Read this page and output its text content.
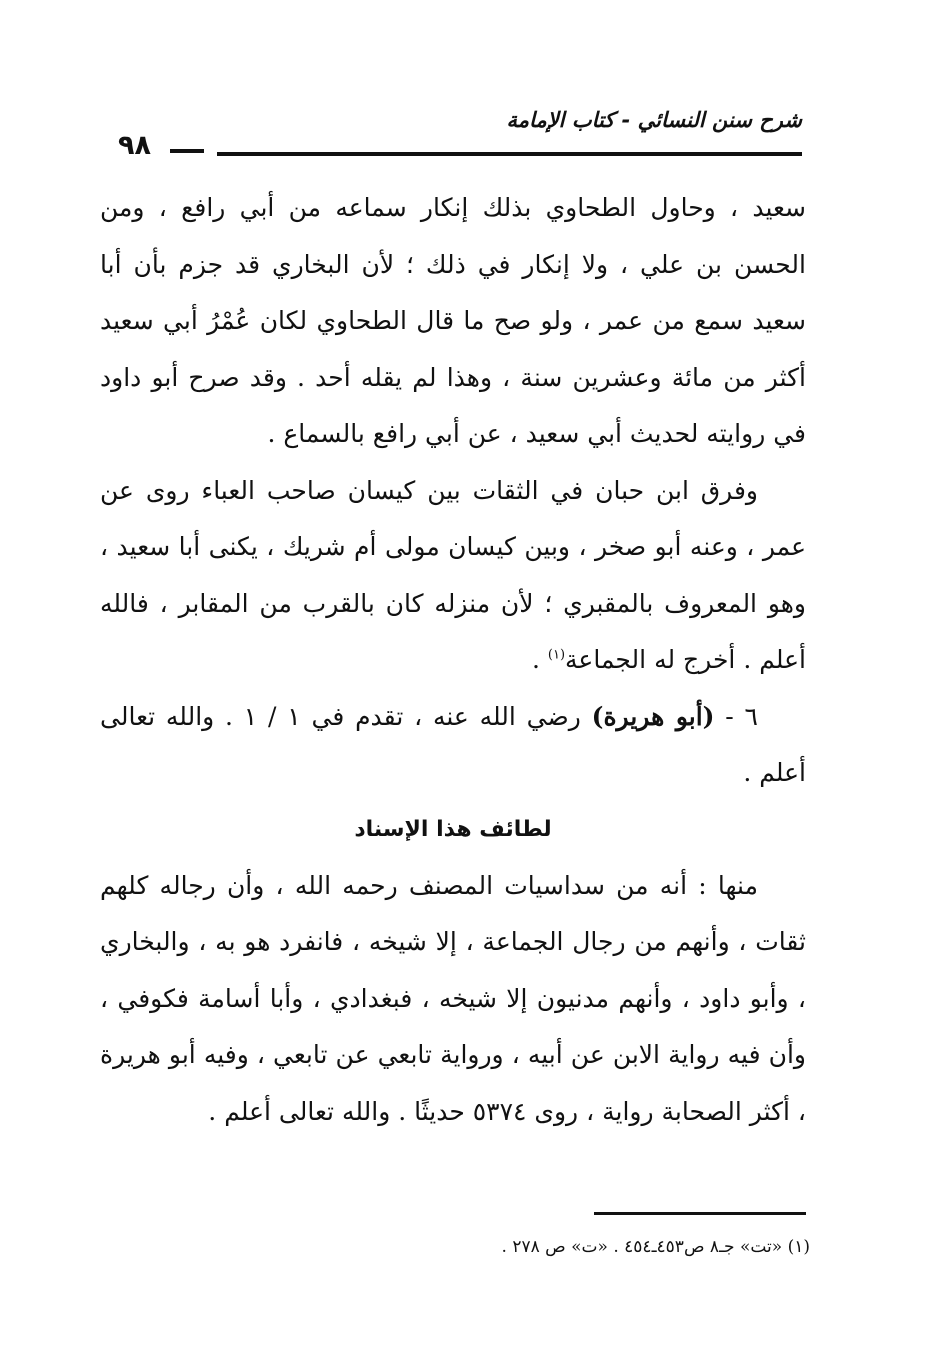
٩٨
شرح سنن النسائي - كتاب الإمامة

سعيد ، وحاول الطحاوي بذلك إنكار سماعه من أبي رافع ، ومن الحسن بن علي ، ولا إنكار في ذلك ؛ لأن البخاري قد جزم بأن أبا سعيد سمع من عمر ، ولو صح ما قال الطحاوي لكان عُمْرُ أبي سعيد أكثر من مائة وعشرين سنة ، وهذا لم يقله أحد . وقد صرح أبو داود في روايته لحديث أبي سعيد ، عن أبي رافع بالسماع .

وفرق ابن حبان في الثقات بين كيسان صاحب العباء روى عن عمر ، وعنه أبو صخر ، وبين كيسان مولى أم شريك ، يكنى أبا سعيد ، وهو المعروف بالمقبري ؛ لأن منزله كان بالقرب من المقابر ، فالله أعلم . أخرج له الجماعة$^{(١)}$ .

٦ - (أبو هريرة) رضي الله عنه ، تقدم في ١ / ١ . والله تعالى أعلم .

لطائف هذا الإسناد

منها : أنه من سداسيات المصنف رحمه الله ، وأن رجاله كلهم ثقات ، وأنهم من رجال الجماعة ، إلا شيخه ، فانفرد هو به ، والبخاري ، وأبو داود ، وأنهم مدنيون إلا شيخه ، فبغدادي ، وأبا أسامة فكوفي ، وأن فيه رواية الابن عن أبيه ، ورواية تابعي عن تابعي ، وفيه أبو هريرة ، أكثر الصحابة رواية ، روى ٥٣٧٤ حديثًا . والله تعالى أعلم .

(١) «تت» جـ٨ ص٤٥٣ـ٤٥٤ . «ت» ص ٢٧٨ .
